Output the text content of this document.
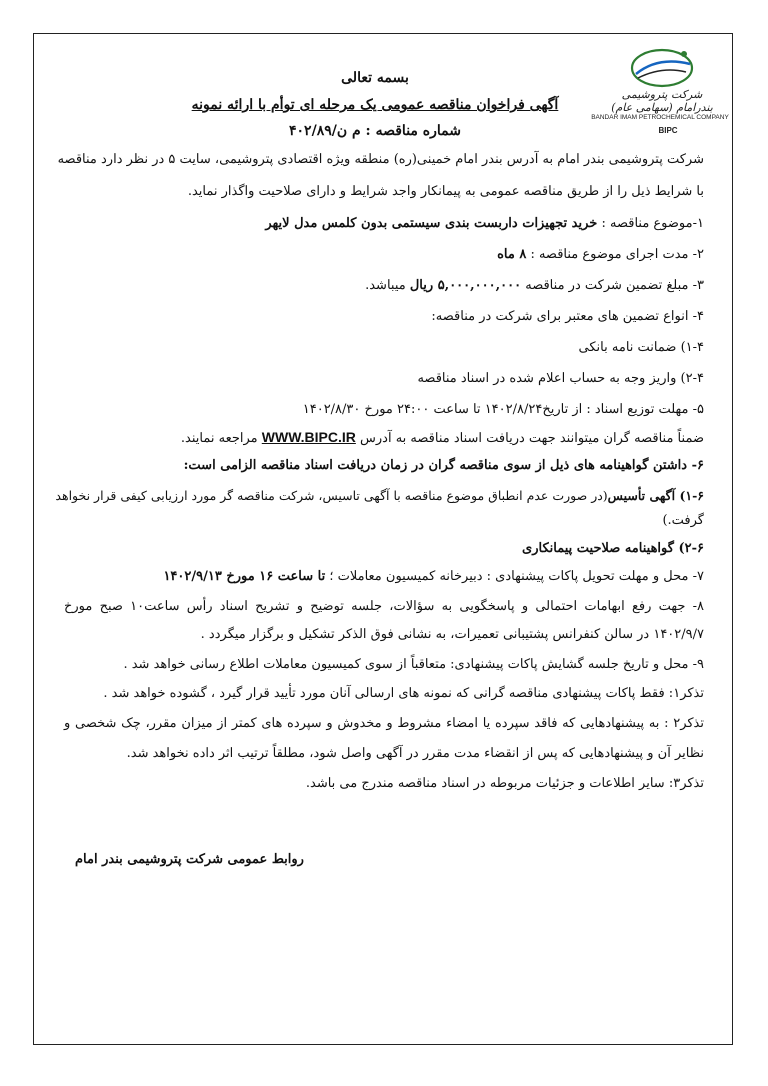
شرکت پتروشیمی بندرامام (سهامی عام)
BANDAR IMAM PETROCHEMICAL COMPANY
BIPC
بسمه تعالی
آگهی فراخوان مناقصه عمومی یک مرحله ای توأم با ارائه نمونه
شماره مناقصه : م ن/۴۰۲/۸۹
شرکت پتروشیمی بندر امام به آدرس بندر امام خمینی(ره) منطقه ویژه اقتصادی پتروشیمی، سایت ۵ در نظر دارد مناقصه
با شرایط ذیل را از طریق مناقصه عمومی به پیمانکار واجد شرایط و دارای صلاحیت واگذار نماید.
۱-موضوع مناقصه : خرید تجهیزات داربست بندی سیستمی بدون کلمس مدل لایهر
۲- مدت اجرای موضوع مناقصه : ۸ ماه
۳- مبلغ تضمین شرکت در مناقصه ۵,۰۰۰,۰۰۰,۰۰۰ ریال میباشد.
۴- انواع تضمین های معتبر برای شرکت در مناقصه:
۱-۴) ضمانت نامه بانکی
۲-۴) واریز وجه به حساب اعلام شده در اسناد مناقصه
۵- مهلت توزیع اسناد : از تاریخ۱۴۰۲/۸/۲۴ تا ساعت ۲۴:۰۰ مورخ ۱۴۰۲/۸/۳۰
ضمناً مناقصه گران میتوانند جهت دریافت اسناد مناقصه به آدرس WWW.BIPC.IR مراجعه نمایند.
۶- داشتن گواهینامه های ذیل از سوی مناقصه گران در زمان دریافت اسناد مناقصه الزامی است:
۱-۶) آگهی تأسیس(در صورت عدم انطباق موضوع مناقصه با آگهی تاسیس، شرکت مناقصه گر مورد ارزیابی کیفی قرار نخواهد
گرفت.)
۲-۶) گواهینامه صلاحیت پیمانکاری
۷- محل و مهلت تحویل پاکات پیشنهادی : دبیرخانه کمیسیون معاملات ؛ تا ساعت ۱۶ مورخ ۱۴۰۲/۹/۱۳
۸- جهت رفع ابهامات احتمالی و پاسخگویی به سؤالات، جلسه توضیح و تشریح اسناد رأس ساعت۱۰ صبح مورخ
۱۴۰۲/۹/۷ در سالن کنفرانس پشتیبانی تعمیرات، به نشانی فوق الذکر تشکیل و برگزار میگردد .
۹- محل و تاریخ جلسه گشایش پاکات پیشنهادی: متعاقباً از سوی کمیسیون معاملات اطلاع رسانی خواهد شد .
تذکر۱: فقط پاکات پیشنهادی مناقصه گرانی که نمونه های ارسالی آنان مورد تأیید قرار گیرد ، گشوده خواهد شد .
تذکر۲ : به پیشنهادهایی که فاقد سپرده یا امضاء مشروط و مخدوش و سپرده های کمتر از میزان مقرر، چک شخصی و
نظایر آن و پیشنهادهایی که پس از انقضاء مدت مقرر در آگهی واصل شود، مطلقاً ترتیب اثر داده نخواهد شد.
تذکر۳: سایر اطلاعات و جزئیات مربوطه در اسناد مناقصه مندرج می باشد.
روابط عمومی شرکت پتروشیمی بندر امام
